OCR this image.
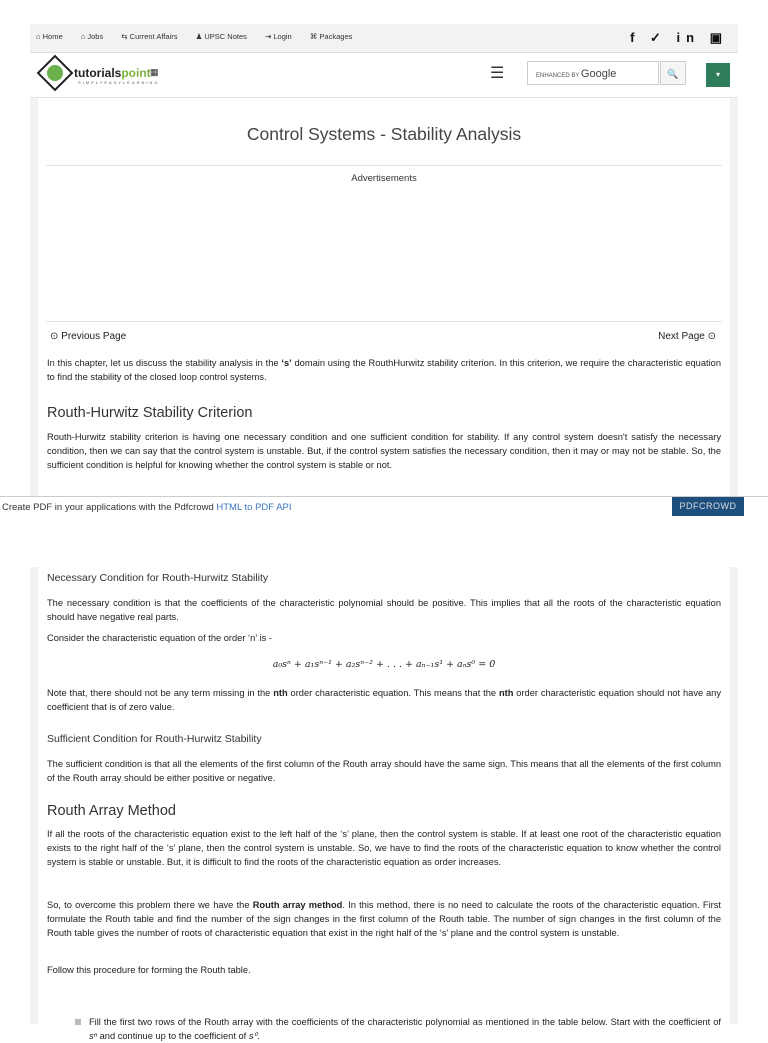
⌂ Home ⌂ Jobs ⇆ Current Affairs ♟ UPSC Notes ⇥ Login ⌘ Packages	f ✓ in ▣
tutorialspoint
SIMPLYEASYLEARNING
▦	☰	ENHANCED BY Google	🔍	▾
Control Systems - Stability Analysis
Advertisements
⊙ Previous Page	Next Page ⊙

In this chapter, let us discuss the stability analysis in the ‘s’ domain using the RouthHurwitz stability criterion. In this criterion, we require the characteristic equation to find the stability of the closed loop control systems.

Routh-Hurwitz Stability Criterion

Routh-Hurwitz stability criterion is having one necessary condition and one sufficient condition for stability. If any control system doesn't satisfy the necessary condition, then we can say that the control system is unstable. But, if the control system satisfies the necessary condition, then it may or may not be stable. So, the sufficient condition is helpful for knowing whether the control system is stable or not.

Create PDF in your applications with the Pdfcrowd HTML to PDF API	PDFCROWD
Necessary Condition for Routh-Hurwitz Stability

The necessary condition is that the coefficients of the characteristic polynomial should be positive. This implies that all the roots of the characteristic equation should have negative real parts.

Consider the characteristic equation of the order ‘n’ is -

a₀sⁿ + a₁sⁿ⁻¹ + a₂sⁿ⁻² + . . . + aₙ₋₁s¹ + aₙs⁰ = 0

Note that, there should not be any term missing in the nth order characteristic equation. This means that the nth order characteristic equation should not have any coefficient that is of zero value.

Sufficient Condition for Routh-Hurwitz Stability

The sufficient condition is that all the elements of the first column of the Routh array should have the same sign. This means that all the elements of the first column of the Routh array should be either positive or negative.

Routh Array Method

If all the roots of the characteristic equation exist to the left half of the ‘s’ plane, then the control system is stable. If at least one root of the characteristic equation exists to the right half of the ‘s’ plane, then the control system is unstable. So, we have to find the roots of the characteristic equation to know whether the control system is stable or unstable. But, it is difficult to find the roots of the characteristic equation as order increases.

So, to overcome this problem there we have the Routh array method. In this method, there is no need to calculate the roots of the characteristic equation. First formulate the Routh table and find the number of the sign changes in the first column of the Routh table. The number of sign changes in the first column of the Routh table gives the number of roots of characteristic equation that exist in the right half of the ‘s’ plane and the control system is unstable.

Follow this procedure for forming the Routh table.

Fill the first two rows of the Routh array with the coefficients of the characteristic polynomial as mentioned in the table below. Start with the coefficient of sⁿ and continue up to the coefficient of s⁰.
